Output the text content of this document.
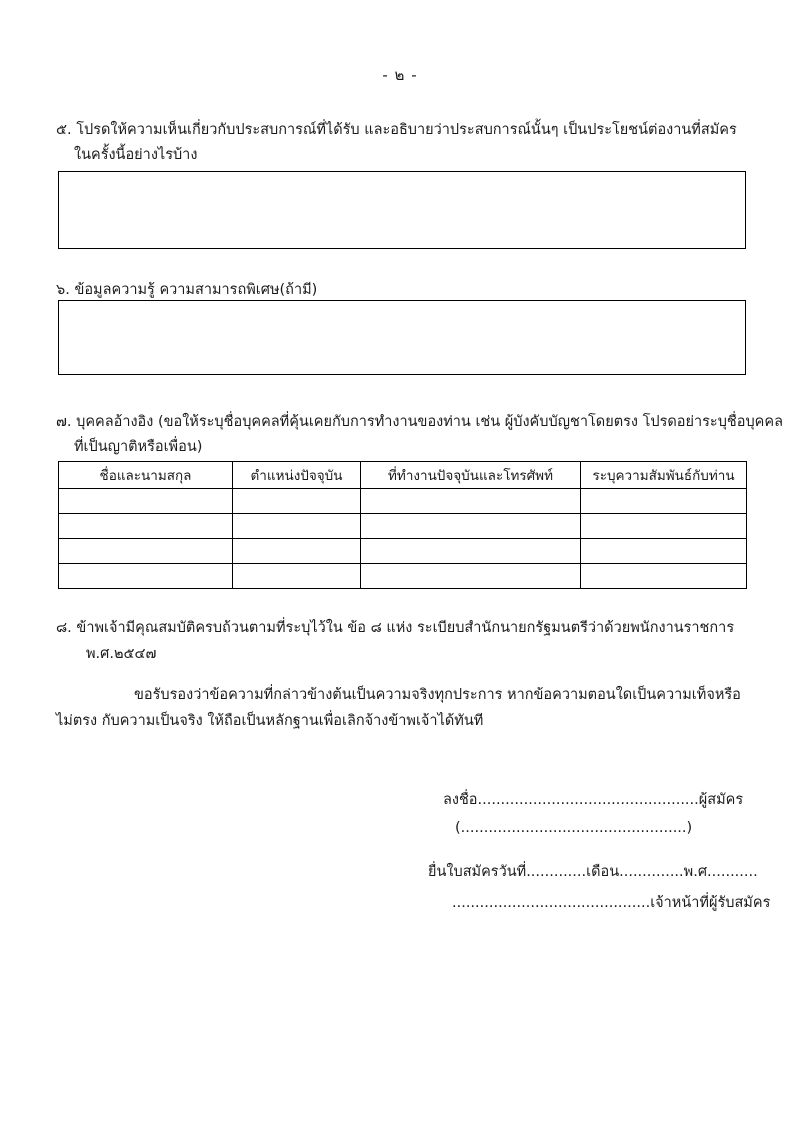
- ๒ -
๕. โปรดให้ความเห็นเกี่ยวกับประสบการณ์ที่ได้รับ และอธิบายว่าประสบการณ์นั้นๆ เป็นประโยชน์ต่องานที่สมัคร
ในครั้งนี้อย่างไรบ้าง
๖. ข้อมูลความรู้ ความสามารถพิเศษ(ถ้ามี)
๗. บุคคลอ้างอิง (ขอให้ระบุชื่อบุคคลที่คุ้นเคยกับการทำงานของท่าน เช่น ผู้บังคับบัญชาโดยตรง โปรดอย่าระบุชื่อบุคคล
ที่เป็นญาติหรือเพื่อน)
ชื่อและนามสกุล	ตำแหน่งปัจจุบัน	ที่ทำงานปัจจุบันและโทรศัพท์	ระบุความสัมพันธ์กับท่าน

๘. ข้าพเจ้ามีคุณสมบัติครบถ้วนตามที่ระบุไว้ใน ข้อ ๘ แห่ง ระเบียบสำนักนายกรัฐมนตรีว่าด้วยพนักงานราชการ
พ.ศ.๒๕๔๗
ขอรับรองว่าข้อความที่กล่าวข้างต้นเป็นความจริงทุกประการ หากข้อความตอนใดเป็นความเท็จหรือไม่ตรง กับความเป็นจริง ให้ถือเป็นหลักฐานเพื่อเลิกจ้างข้าพเจ้าได้ทันที
ลงชื่อ................................................ผู้สมัคร
(.................................................)
ยื่นใบสมัครวันที่.............เดือน..............พ.ศ...........
...........................................เจ้าหน้าที่ผู้รับสมัคร
